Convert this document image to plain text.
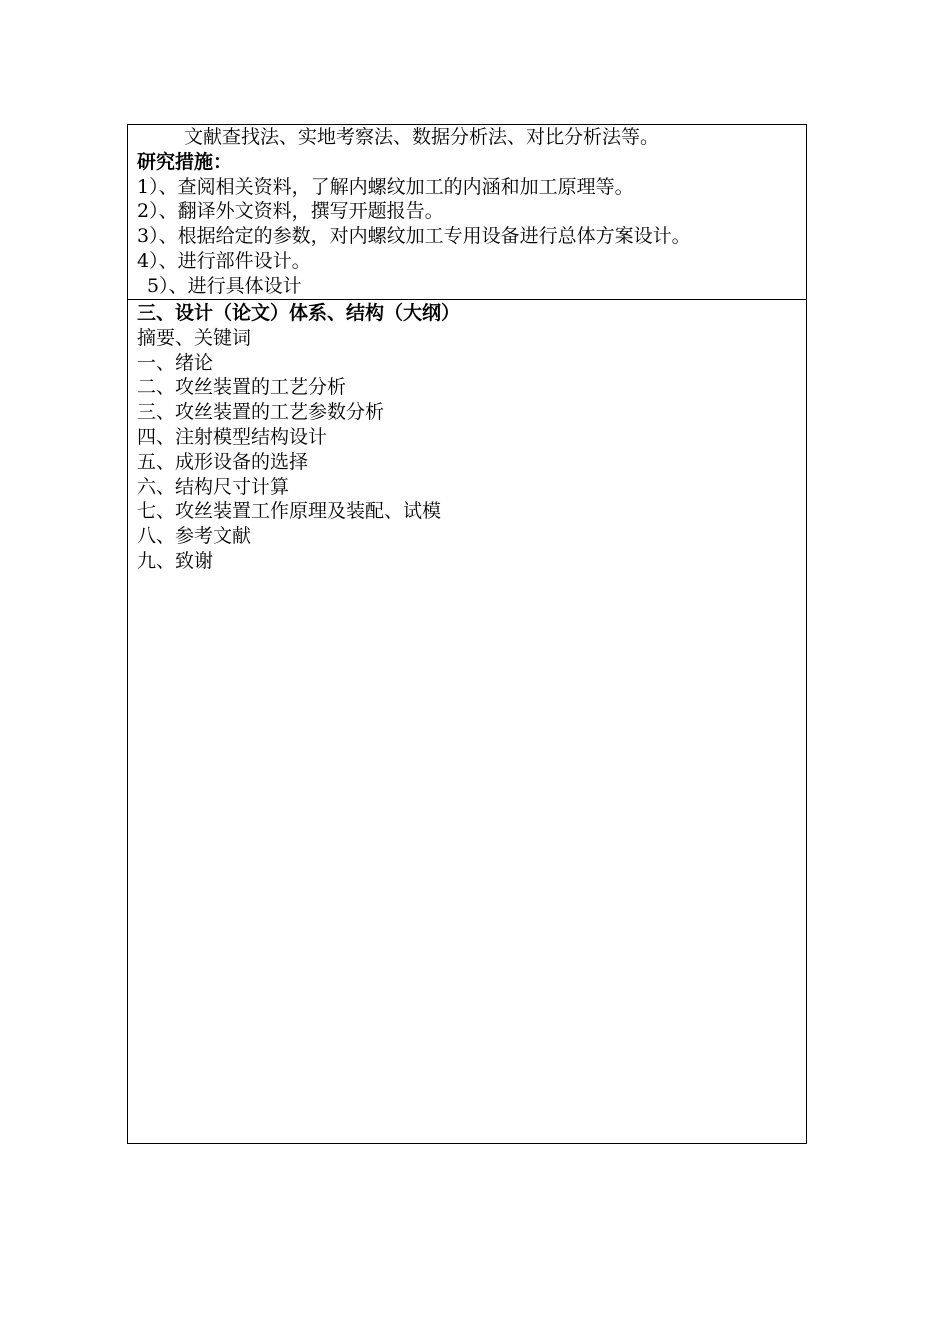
文献查找法、实地考察法、数据分析法、对比分析法等。
研究措施：
1）、查阅相关资料，了解内螺纹加工的内涵和加工原理等。
2）、翻译外文资料，撰写开题报告。
3）、根据给定的参数，对内螺纹加工专用设备进行总体方案设计。
4）、进行部件设计。
5）、进行具体设计
三、设计（论文）体系、结构（大纲）
摘要、关键词
一、绪论
二、攻丝装置的工艺分析
三、攻丝装置的工艺参数分析
四、注射模型结构设计
五、成形设备的选择
六、结构尺寸计算
七、攻丝装置工作原理及装配、试模
八、参考文献
九、致谢
